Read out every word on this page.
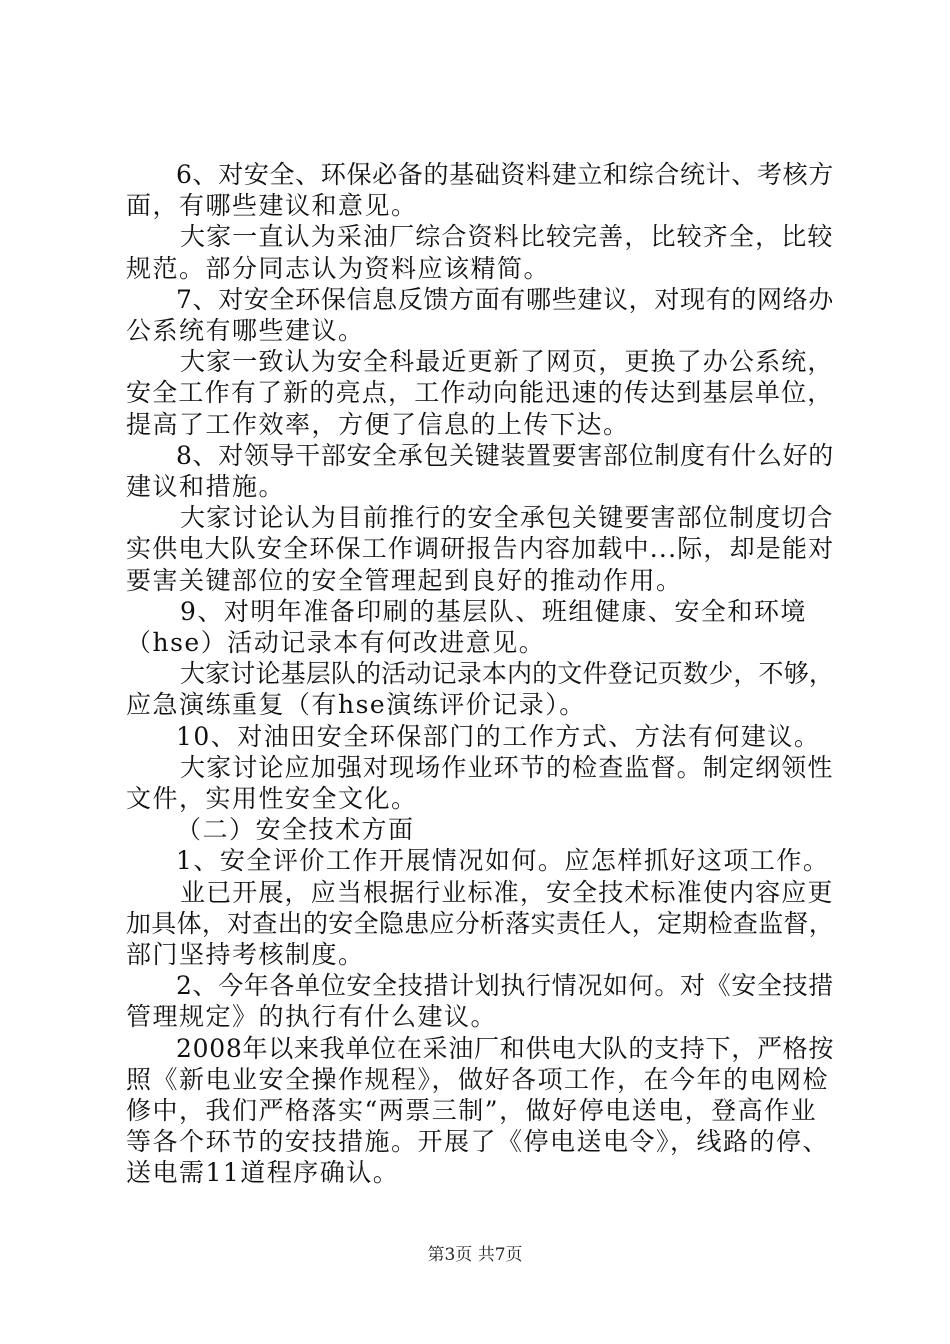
6、对安全、环保必备的基础资料建立和综合统计、考核方
面，有哪些建议和意见。
大家一直认为采油厂综合资料比较完善，比较齐全，比较
规范。部分同志认为资料应该精简。
7、对安全环保信息反馈方面有哪些建议，对现有的网络办
公系统有哪些建议。
大家一致认为安全科最近更新了网页，更换了办公系统，
安全工作有了新的亮点，工作动向能迅速的传达到基层单位，
提高了工作效率，方便了信息的上传下达。
8、对领导干部安全承包关键装置要害部位制度有什么好的
建议和措施。
大家讨论认为目前推行的安全承包关键要害部位制度切合
实供电大队安全环保工作调研报告内容加载中...际，却是能对
要害关键部位的安全管理起到良好的推动作用。
9、对明年准备印刷的基层队、班组健康、安全和环境
（hse）活动记录本有何改进意见。
大家讨论基层队的活动记录本内的文件登记页数少，不够，
应急演练重复（有hse演练评价记录）。
10、对油田安全环保部门的工作方式、方法有何建议。
大家讨论应加强对现场作业环节的检查监督。制定纲领性
文件，实用性安全文化。
（二）安全技术方面
1、安全评价工作开展情况如何。应怎样抓好这项工作。
业已开展，应当根据行业标准，安全技术标准使内容应更
加具体，对查出的安全隐患应分析落实责任人，定期检查监督，
部门坚持考核制度。
2、今年各单位安全技措计划执行情况如何。对《安全技措
管理规定》的执行有什么建议。
2008年以来我单位在采油厂和供电大队的支持下，严格按
照《新电业安全操作规程》，做好各项工作，在今年的电网检
修中，我们严格落实“两票三制”，做好停电送电，登高作业
等各个环节的安技措施。开展了《停电送电令》，线路的停、
送电需11道程序确认。
第3页 共7页
